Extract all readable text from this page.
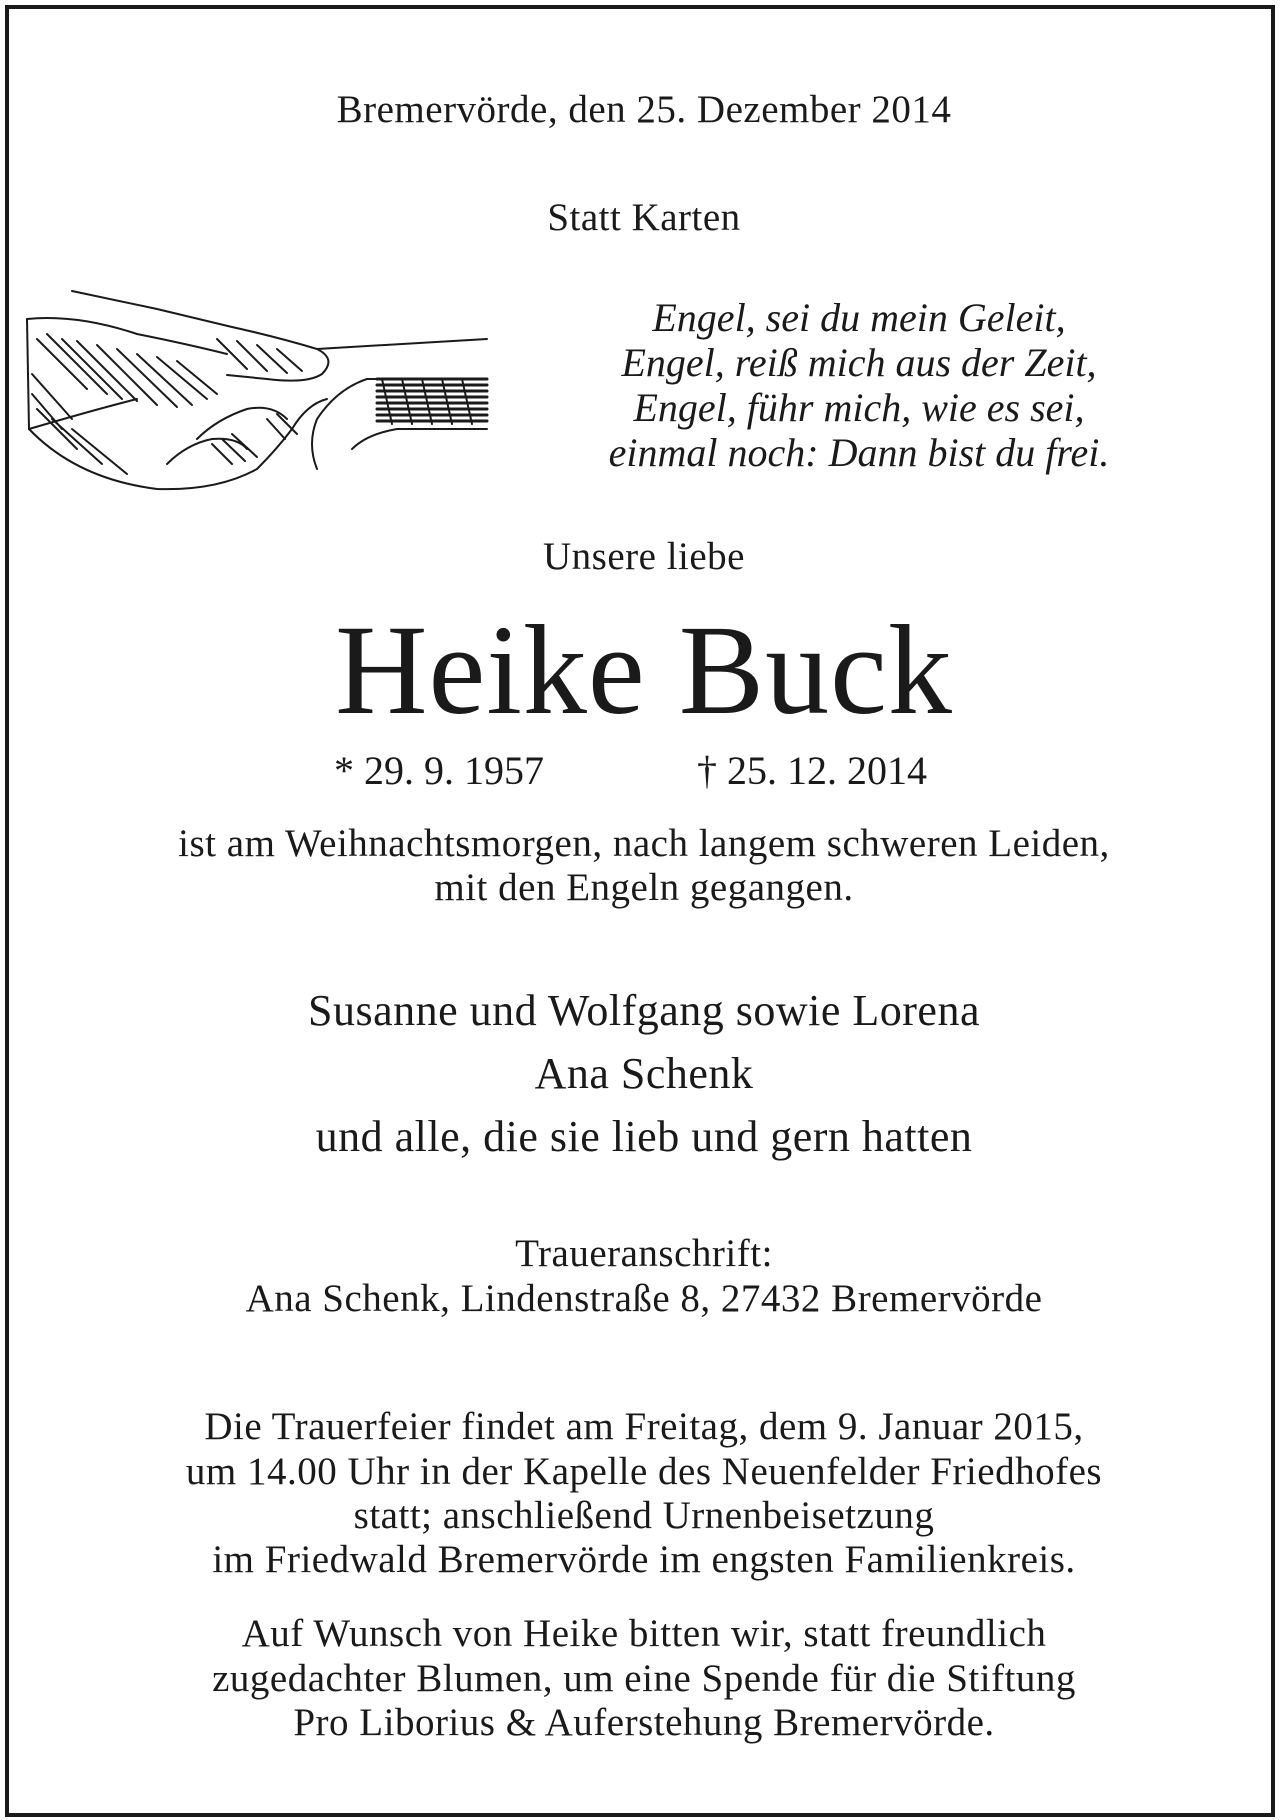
Bremervörde, den 25. Dezember 2014
Statt Karten
Engel, sei du mein Geleit,
Engel, reiß mich aus der Zeit,
Engel, führ mich, wie es sei,
einmal noch: Dann bist du frei.
Unsere liebe
Heike Buck
* 29. 9. 1957	† 25. 12. 2014
ist am Weihnachtsmorgen, nach langem schweren Leiden,
mit den Engeln gegangen.
Susanne und Wolfgang sowie Lorena
Ana Schenk
und alle, die sie lieb und gern hatten
Traueranschrift:
Ana Schenk, Lindenstraße 8, 27432 Bremervörde
Die Trauerfeier findet am Freitag, dem 9. Januar 2015,
um 14.00 Uhr in der Kapelle des Neuenfelder Friedhofes
statt; anschließend Urnenbeisetzung
im Friedwald Bremervörde im engsten Familienkreis.
Auf Wunsch von Heike bitten wir, statt freundlich
zugedachter Blumen, um eine Spende für die Stiftung
Pro Liborius & Auferstehung Bremervörde.
